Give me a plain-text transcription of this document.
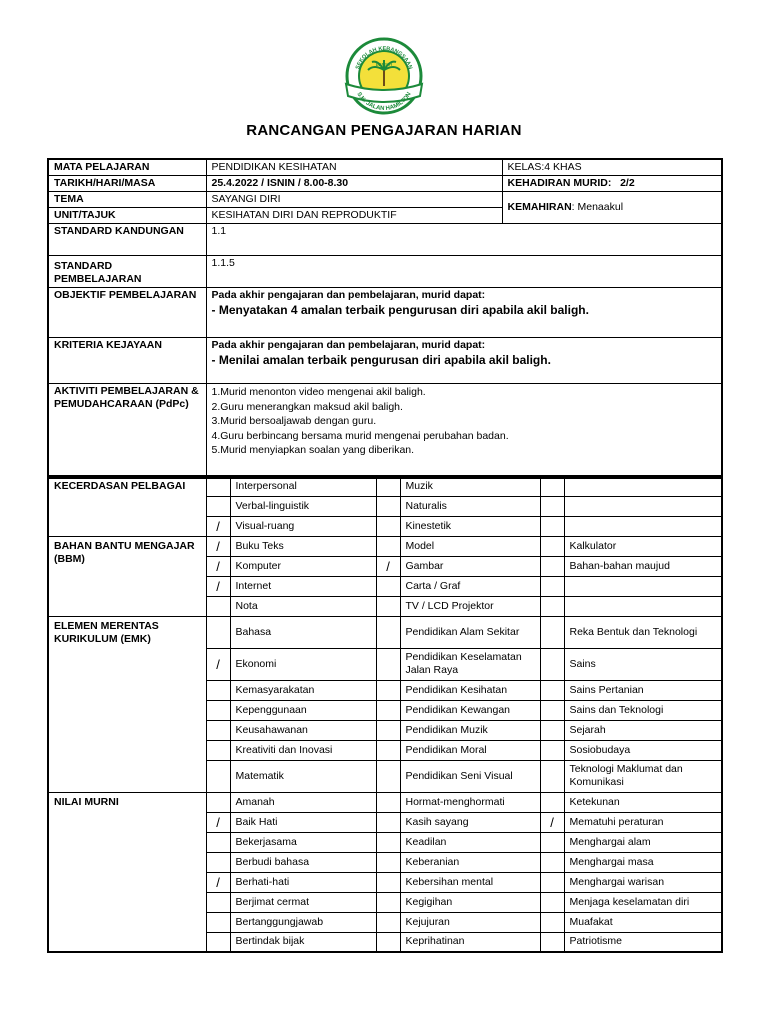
SEKOLAH KEBANGSAAN
S.K. JALAN HAMILTON
BERSIH
RANCANGAN PENGAJARAN HARIAN
MATA PELAJARAN	PENDIDIKAN KESIHATAN	KELAS:4 KHAS
TARIKH/HARI/MASA	25.4.2022 / ISNIN / 8.00-8.30	KEHADIRAN MURID: 2/2
TEMA	SAYANGI DIRI	KEMAHIRAN: Menaakul
UNIT/TAJUK	KESIHATAN DIRI DAN REPRODUKTIF	
STANDARD KANDUNGAN	1.1	
STANDARD PEMBELAJARAN	1.1.5	
OBJEKTIF PEMBELAJARAN	Pada akhir pengajaran dan pembelajaran, murid dapat:
- Menyatakan 4 amalan terbaik pengurusan diri apabila akil baligh.	

KRITERIA KEJAYAAN	Pada akhir pengajaran dan pembelajaran, murid dapat:
- Menilai amalan terbaik pengurusan diri apabila akil baligh.	

AKTIVITI PEMBELAJARAN & PEMUDAHCARAAN (PdPc)	1.Murid menonton video mengenai akil baligh.
2.Guru menerangkan maksud akil baligh.
3.Murid bersoaljawab dengan guru.
4.Guru berbincang bersama murid mengenai perubahan badan.
5.Murid menyiapkan soalan yang diberikan.	
KECERDASAN PELBAGAI		Interpersonal		Muzik		
		Verbal-linguistik		Naturalis		
	/	Visual-ruang		Kinestetik		
BAHAN BANTU MENGAJAR (BBM)	/	Buku Teks		Model		Kalkulator
	/	Komputer	/	Gambar		Bahan-bahan maujud
	/	Internet		Carta / Graf		
		Nota		TV / LCD Projektor		
ELEMEN MERENTAS KURIKULUM (EMK)		Bahasa		Pendidikan Alam Sekitar		Reka Bentuk dan Teknologi
	/	Ekonomi		Pendidikan Keselamatan Jalan Raya		Sains
		Kemasyarakatan		Pendidikan Kesihatan		Sains Pertanian
		Kepenggunaan		Pendidikan Kewangan		Sains dan Teknologi
		Keusahawanan		Pendidikan Muzik		Sejarah
		Kreativiti dan Inovasi		Pendidikan Moral		Sosiobudaya
		Matematik		Pendidikan Seni Visual		Teknologi Maklumat dan Komunikasi
NILAI MURNI		Amanah		Hormat-menghormati		Ketekunan
	/	Baik Hati		Kasih sayang	/	Mematuhi peraturan
		Bekerjasama		Keadilan		Menghargai alam
		Berbudi bahasa		Keberanian		Menghargai masa
	/	Berhati-hati		Kebersihan mental		Menghargai warisan
		Berjimat cermat		Kegigihan		Menjaga keselamatan diri
		Bertanggungjawab		Kejujuran		Muafakat
		Bertindak bijak		Keprihatinan		Patriotisme
